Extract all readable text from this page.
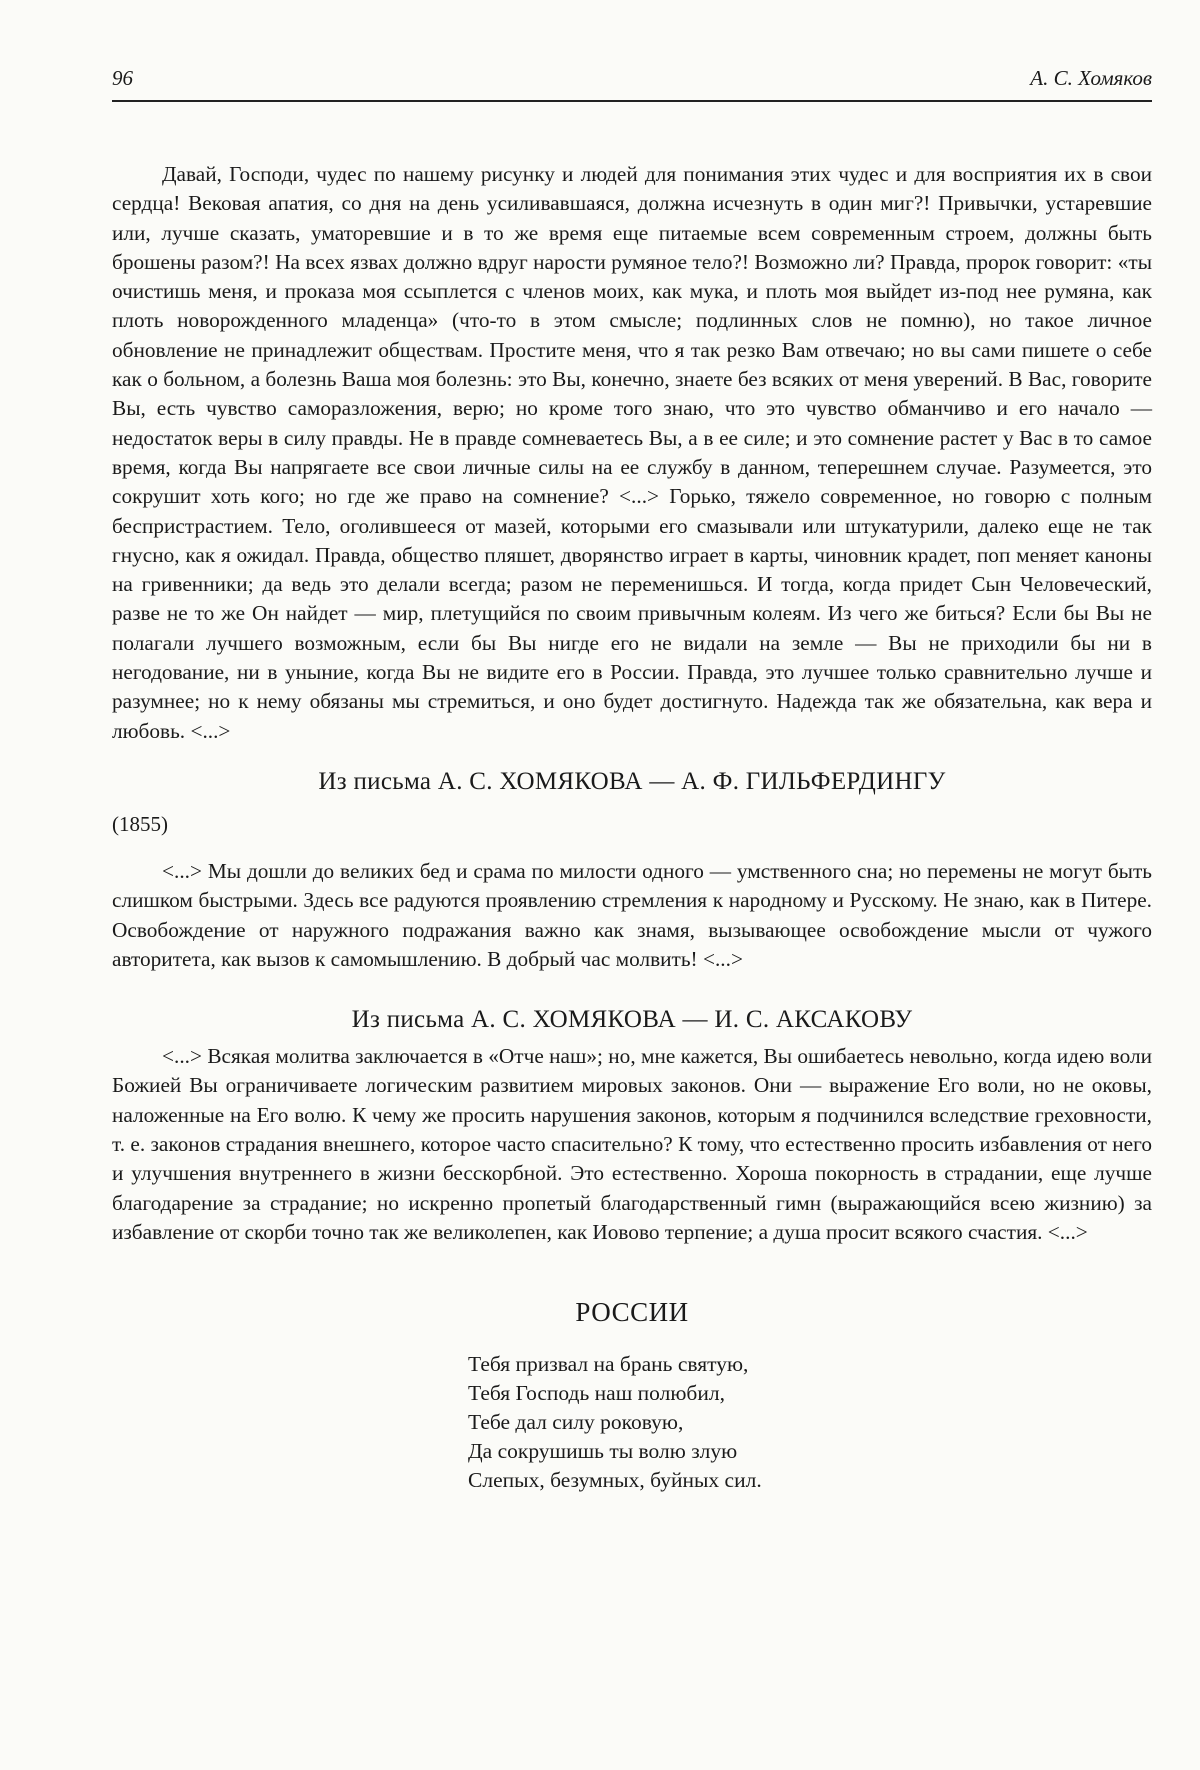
96	А. С. Хомяков

Давай, Господи, чудес по нашему рисунку и людей для понимания этих чудес и для восприятия их в свои сердца! Вековая апатия, со дня на день усиливавшаяся, должна исчезнуть в один миг?! Привычки, устаревшие или, лучше сказать, уматоревшие и в то же время еще питаемые всем современным строем, должны быть брошены разом?! На всех язвах должно вдруг нарости румяное тело?! Возможно ли? Правда, пророк говорит: «ты очистишь меня, и проказа моя ссыплется с членов моих, как мука, и плоть моя выйдет из-под нее румяна, как плоть новорожденного младенца» (что-то в этом смысле; подлинных слов не помню), но такое личное обновление не принадлежит обществам. Простите меня, что я так резко Вам отвечаю; но вы сами пишете о себе как о больном, а болезнь Ваша моя болезнь: это Вы, конечно, знаете без всяких от меня уверений. В Вас, говорите Вы, есть чувство саморазложения, верю; но кроме того знаю, что это чувство обманчиво и его начало — недостаток веры в силу правды. Не в правде сомневаетесь Вы, а в ее силе; и это сомнение растет у Вас в то самое время, когда Вы напрягаете все свои личные силы на ее службу в данном, теперешнем случае. Разумеется, это сокрушит хоть кого; но где же право на сомнение? <...> Горько, тяжело современное, но говорю с полным беспристрастием. Тело, оголившееся от мазей, которыми его смазывали или штукатурили, далеко еще не так гнусно, как я ожидал. Правда, общество пляшет, дворянство играет в карты, чиновник крадет, поп меняет каноны на гривенники; да ведь это делали всегда; разом не переменишься. И тогда, когда придет Сын Человеческий, разве не то же Он найдет — мир, плетущийся по своим привычным колеям. Из чего же биться? Если бы Вы не полагали лучшего возможным, если бы Вы нигде его не видали на земле — Вы не приходили бы ни в негодование, ни в уныние, когда Вы не видите его в России. Правда, это лучшее только сравнительно лучше и разумнее; но к нему обязаны мы стремиться, и оно будет достигнуто. Надежда так же обязательна, как вера и любовь. <...>

Из письма А. С. ХОМЯКОВА — А. Ф. ГИЛЬФЕРДИНГУ

(1855)

<...> Мы дошли до великих бед и срама по милости одного — умственного сна; но перемены не могут быть слишком быстрыми. Здесь все радуются проявлению стремления к народному и Русскому. Не знаю, как в Питере. Освобождение от наружного подражания важно как знамя, вызывающее освобождение мысли от чужого авторитета, как вызов к самомышлению. В добрый час молвить! <...>

Из письма А. С. ХОМЯКОВА — И. С. АКСАКОВУ

<...> Всякая молитва заключается в «Отче наш»; но, мне кажется, Вы ошибаетесь невольно, когда идею воли Божией Вы ограничиваете логическим развитием мировых законов. Они — выражение Его воли, но не оковы, наложенные на Его волю. К чему же просить нарушения законов, которым я подчинился вследствие греховности, т. е. законов страдания внешнего, которое часто спасительно? К тому, что естественно просить избавления от него и улучшения внутреннего в жизни бесскорбной. Это естественно. Хороша покорность в страдании, еще лучше благодарение за страдание; но искренно пропетый благодарственный гимн (выражающийся всею жизнию) за избавление от скорби точно так же великолепен, как Иовово терпение; а душа просит всякого счастия. <...>

РОССИИ
Тебя призвал на брань святую,
Тебя Господь наш полюбил,
Тебе дал силу роковую,
Да сокрушишь ты волю злую
Слепых, безумных, буйных сил.
